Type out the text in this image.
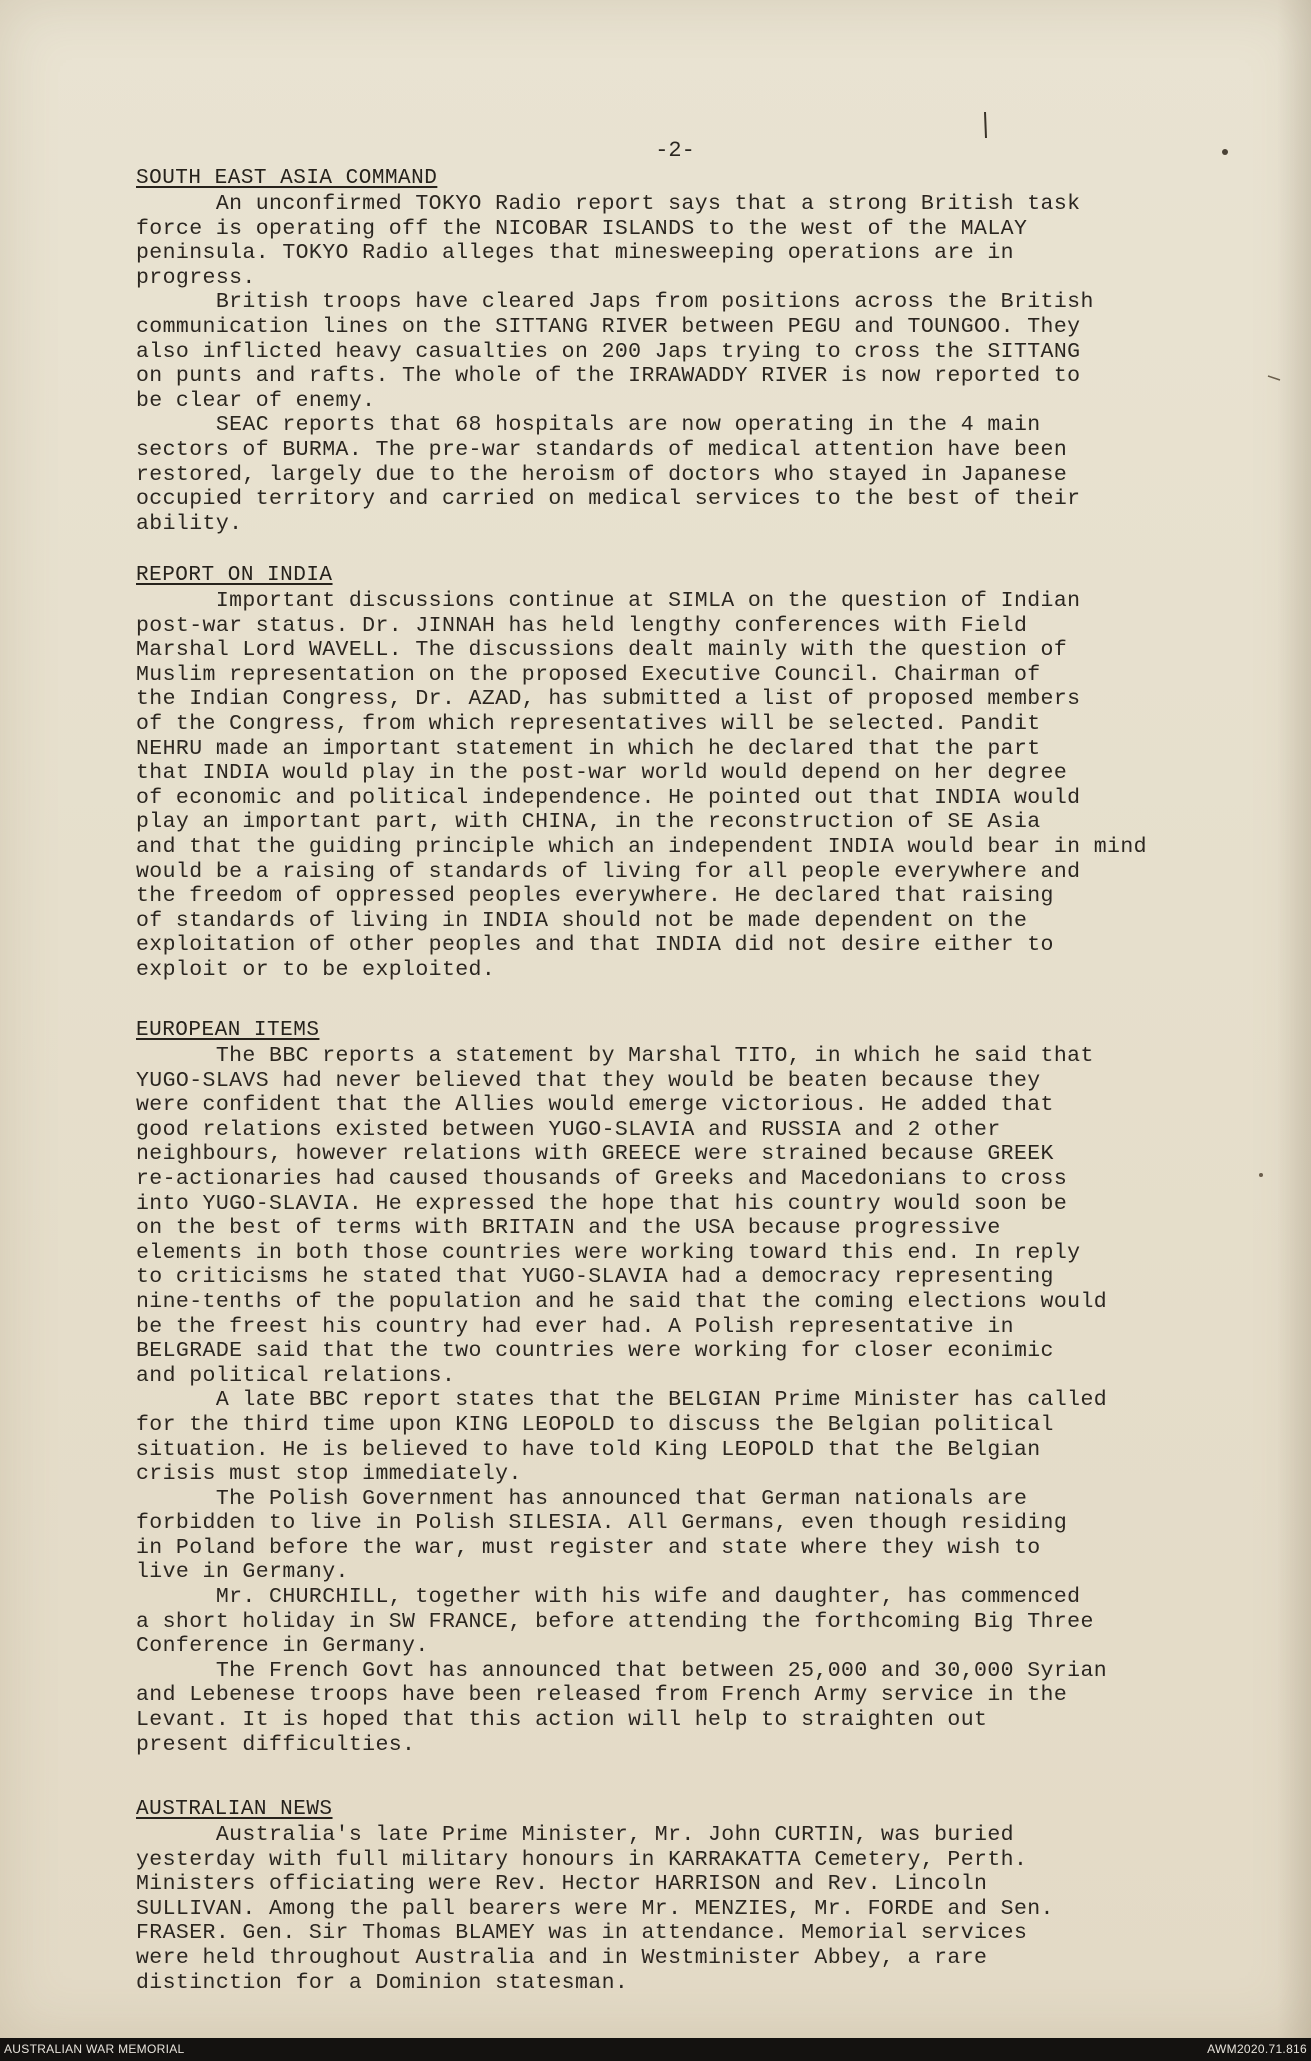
-2-
SOUTH EAST ASIA COMMAND
An unconfirmed TOKYO Radio report says that a strong British task
force is operating off the NICOBAR ISLANDS to the west of the MALAY
peninsula. TOKYO Radio alleges that minesweeping operations are in
progress.
British troops have cleared Japs from positions across the British
communication lines on the SITTANG RIVER between PEGU and TOUNGOO. They
also inflicted heavy casualties on 200 Japs trying to cross the SITTANG
on punts and rafts. The whole of the IRRAWADDY RIVER is now reported to
be clear of enemy.
SEAC reports that 68 hospitals are now operating in the 4 main
sectors of BURMA. The pre-war standards of medical attention have been
restored, largely due to the heroism of doctors who stayed in Japanese
occupied territory and carried on medical services to the best of their
ability.
REPORT ON INDIA
Important discussions continue at SIMLA on the question of Indian
post-war status. Dr. JINNAH has held lengthy conferences with Field
Marshal Lord WAVELL. The discussions dealt mainly with the question of
Muslim representation on the proposed Executive Council. Chairman of
the Indian Congress, Dr. AZAD, has submitted a list of proposed members
of the Congress, from which representatives will be selected. Pandit
NEHRU made an important statement in which he declared that the part
that INDIA would play in the post-war world would depend on her degree
of economic and political independence. He pointed out that INDIA would
play an important part, with CHINA, in the reconstruction of SE Asia
and that the guiding principle which an independent INDIA would bear in mind
would be a raising of standards of living for all people everywhere and
the freedom of oppressed peoples everywhere. He declared that raising
of standards of living in INDIA should not be made dependent on the
exploitation of other peoples and that INDIA did not desire either to
exploit or to be exploited.
EUROPEAN ITEMS
The BBC reports a statement by Marshal TITO, in which he said that
YUGO-SLAVS had never believed that they would be beaten because they
were confident that the Allies would emerge victorious. He added that
good relations existed between YUGO-SLAVIA and RUSSIA and 2 other
neighbours, however relations with GREECE were strained because GREEK
re-actionaries had caused thousands of Greeks and Macedonians to cross
into YUGO-SLAVIA. He expressed the hope that his country would soon be
on the best of terms with BRITAIN and the USA because progressive
elements in both those countries were working toward this end. In reply
to criticisms he stated that YUGO-SLAVIA had a democracy representing
nine-tenths of the population and he said that the coming elections would
be the freest his country had ever had. A Polish representative in
BELGRADE said that the two countries were working for closer econimic
and political relations.
A late BBC report states that the BELGIAN Prime Minister has called
for the third time upon KING LEOPOLD to discuss the Belgian political
situation. He is believed to have told King LEOPOLD that the Belgian
crisis must stop immediately.
The Polish Government has announced that German nationals are
forbidden to live in Polish SILESIA. All Germans, even though residing
in Poland before the war, must register and state where they wish to
live in Germany.
Mr. CHURCHILL, together with his wife and daughter, has commenced
a short holiday in SW FRANCE, before attending the forthcoming Big Three
Conference in Germany.
The French Govt has announced that between 25,000 and 30,000 Syrian
and Lebenese troops have been released from French Army service in the
Levant. It is hoped that this action will help to straighten out
present difficulties.
AUSTRALIAN NEWS
Australia's late Prime Minister, Mr. John CURTIN, was buried
yesterday with full military honours in KARRAKATTA Cemetery, Perth.
Ministers officiating were Rev. Hector HARRISON and Rev. Lincoln
SULLIVAN. Among the pall bearers were Mr. MENZIES, Mr. FORDE and Sen.
FRASER. Gen. Sir Thomas BLAMEY was in attendance. Memorial services
were held throughout Australia and in Westminister Abbey, a rare
distinction for a Dominion statesman.
AUSTRALIAN WAR MEMORIAL	AWM2020.71.816
